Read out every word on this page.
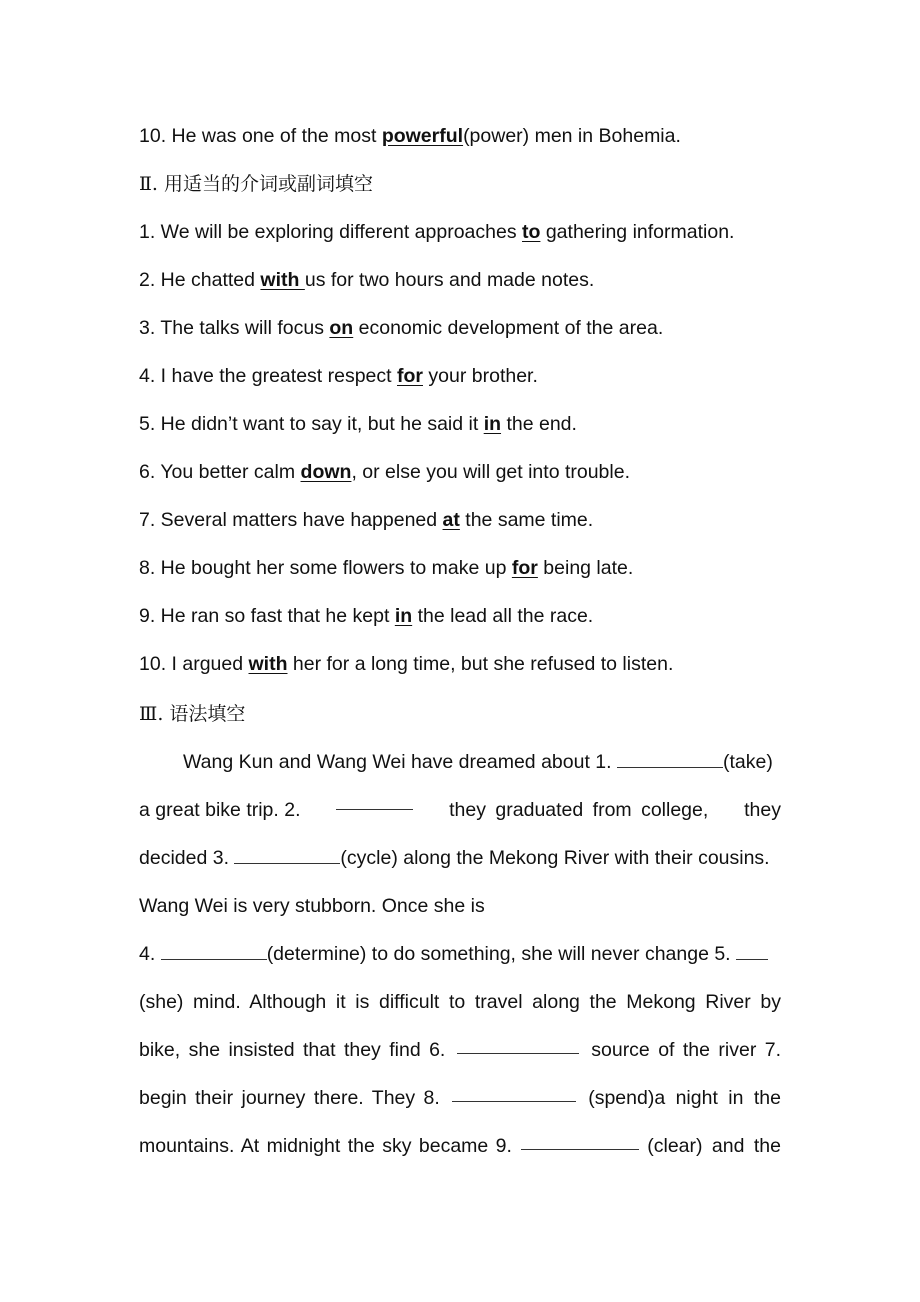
10. He was one of the most powerful(power) men in Bohemia.
Ⅱ. 用适当的介词或副词填空
1. We will be exploring different approaches to gathering information.
2. He chatted with us for two hours and made notes.
3. The talks will focus on economic development of the area.
4. I have the greatest respect for your brother.
5. He didn’t want to say it, but he said it in the end.
6. You better calm down, or else you will get into trouble.
7. Several matters have happened at the same time.
8. He bought her some flowers to make up for being late.
9. He ran so fast that he kept in the lead all the race.
10. I argued with her for a long time, but she refused to listen.
Ⅲ. 语法填空
Wang Kun and Wang Wei have dreamed about 1.	(take)
a great bike trip. 2.	they graduated from college, they
decided 3.	(cycle) along the Mekong River with their cousins.
Wang Wei is very stubborn. Once she is
4.	(determine) to do something, she will never change 5.
(she) mind. Although it is difficult to travel along the Mekong River by
bike, she insisted that they find 6.	source of the river 7.
begin their journey there. They 8.	(spend)a night in the
mountains. At midnight the sky became 9.	(clear) and the
